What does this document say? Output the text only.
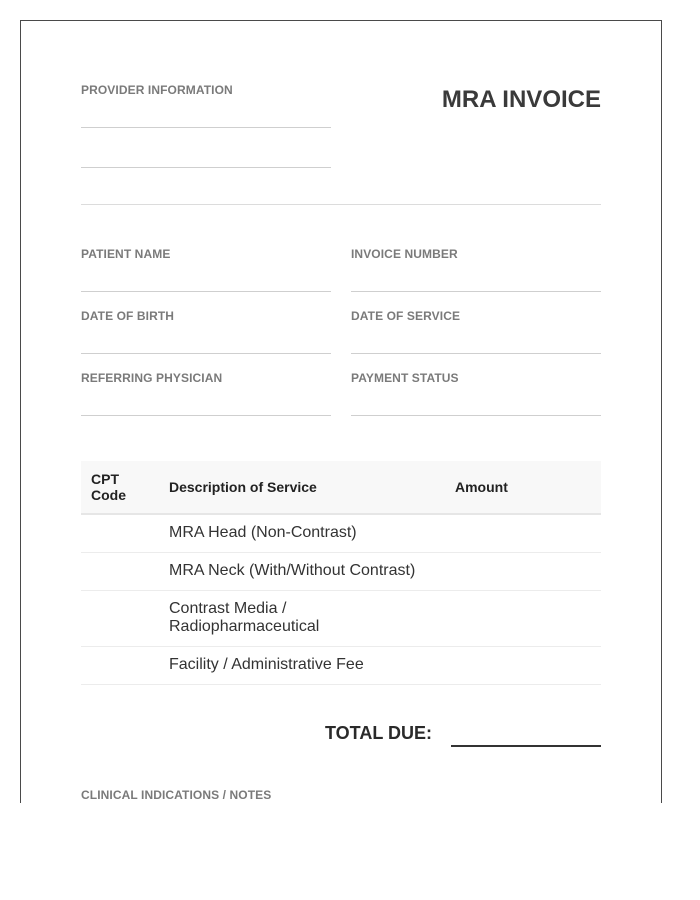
PROVIDER INFORMATION	MRA INVOICE
PATIENT NAME	INVOICE NUMBER
DATE OF BIRTH	DATE OF SERVICE
REFERRING PHYSICIAN	PAYMENT STATUS
CPT Code	Description of Service	Amount
	MRA Head (Non-Contrast)	
	MRA Neck (With/Without Contrast)	
	Contrast Media / Radiopharmaceutical	
	Facility / Administrative Fee	
TOTAL DUE:
CLINICAL INDICATIONS / NOTES
